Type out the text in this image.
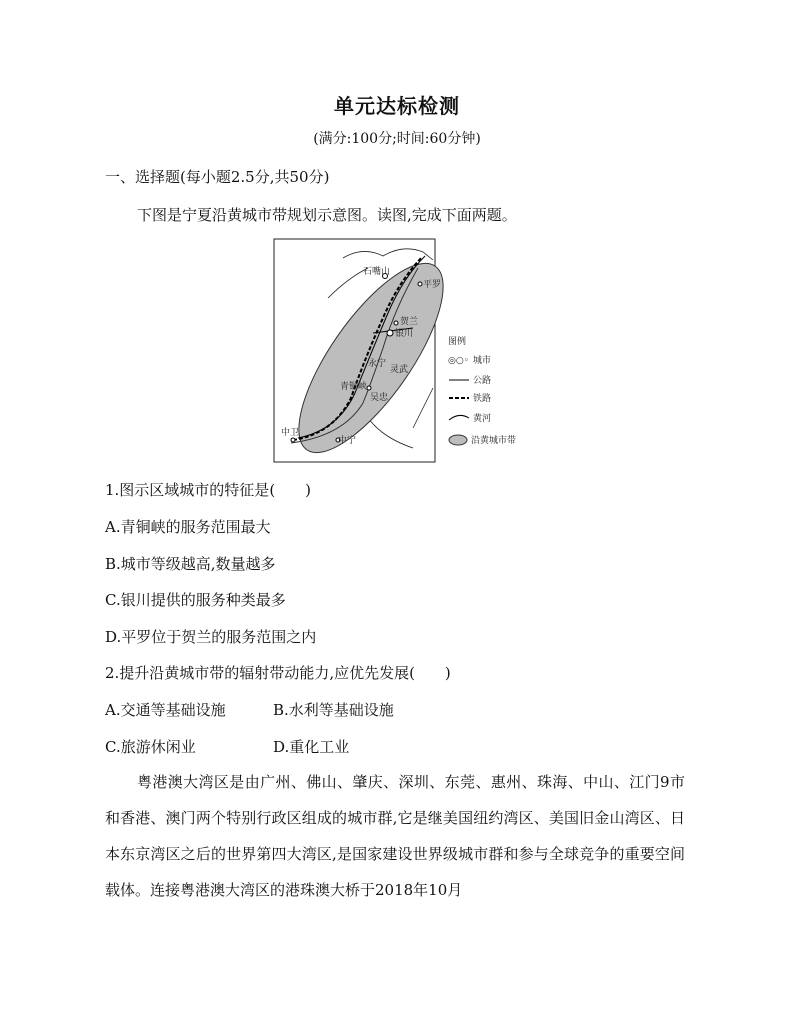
单元达标检测
(满分:100分;时间:60分钟)
一、选择题(每小题2.5分,共50分)
下图是宁夏沿黄城市带规划示意图。读图,完成下面两题。
石嘴山
平罗
贺兰
银川
永宁
灵武
青铜峡
吴忠
中卫
中宁
图例
◎○◦ 城市
公路
铁路
黄河
沿黄城市带
1.图示区域城市的特征是(　　)
A.青铜峡的服务范围最大
B.城市等级越高,数量越多
C.银川提供的服务种类最多
D.平罗位于贺兰的服务范围之内
2.提升沿黄城市带的辐射带动能力,应优先发展(　　)
A.交通等基础设施	B.水利等基础设施
C.旅游休闲业	D.重化工业
粤港澳大湾区是由广州、佛山、肇庆、深圳、东莞、惠州、珠海、中山、江门9市和香港、澳门两个特别行政区组成的城市群,它是继美国纽约湾区、美国旧金山湾区、日本东京湾区之后的世界第四大湾区,是国家建设世界级城市群和参与全球竞争的重要空间载体。连接粤港澳大湾区的港珠澳大桥于2018年10月
